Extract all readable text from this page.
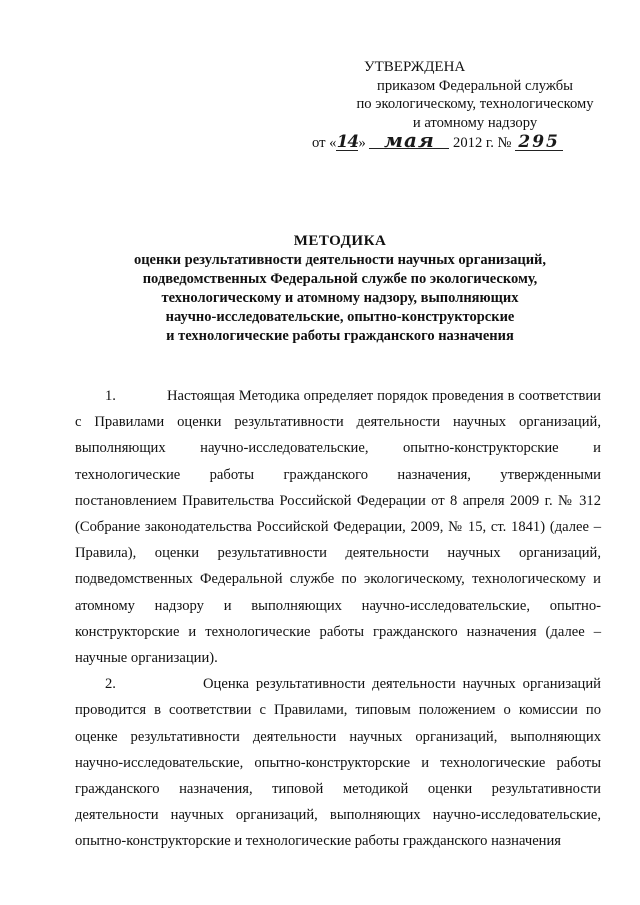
УТВЕРЖДЕНА
приказом Федеральной службы
по экологическому, технологическому
и атомному надзору
от «14» мая 2012 г. № 295
МЕТОДИКА
оценки результативности деятельности научных организаций,
подведомственных Федеральной службе по экологическому,
технологическому и атомному надзору, выполняющих
научно-исследовательские, опытно-конструкторские
и технологические работы гражданского назначения

1.	Настоящая Методика определяет порядок проведения в соответствии с Правилами оценки результативности деятельности научных организаций, выполняющих научно-исследовательские, опытно-конструкторские и технологические работы гражданского назначения, утвержденными постановлением Правительства Российской Федерации от 8 апреля 2009 г. № 312 (Собрание законодательства Российской Федерации, 2009, № 15, ст. 1841) (далее – Правила), оценки результативности деятельности научных организаций, подведомственных Федеральной службе по экологическому, технологическому и атомному надзору и выполняющих научно-исследовательские, опытно-конструкторские и технологические работы гражданского назначения (далее – научные организации).

2.	Оценка результативности деятельности научных организаций проводится в соответствии с Правилами, типовым положением о комиссии по оценке результативности деятельности научных организаций, выполняющих научно-исследовательские, опытно-конструкторские и технологические работы гражданского назначения, типовой методикой оценки результативности деятельности научных организаций, выполняющих научно-исследовательские, опытно-конструкторские и технологические работы гражданского назначения
